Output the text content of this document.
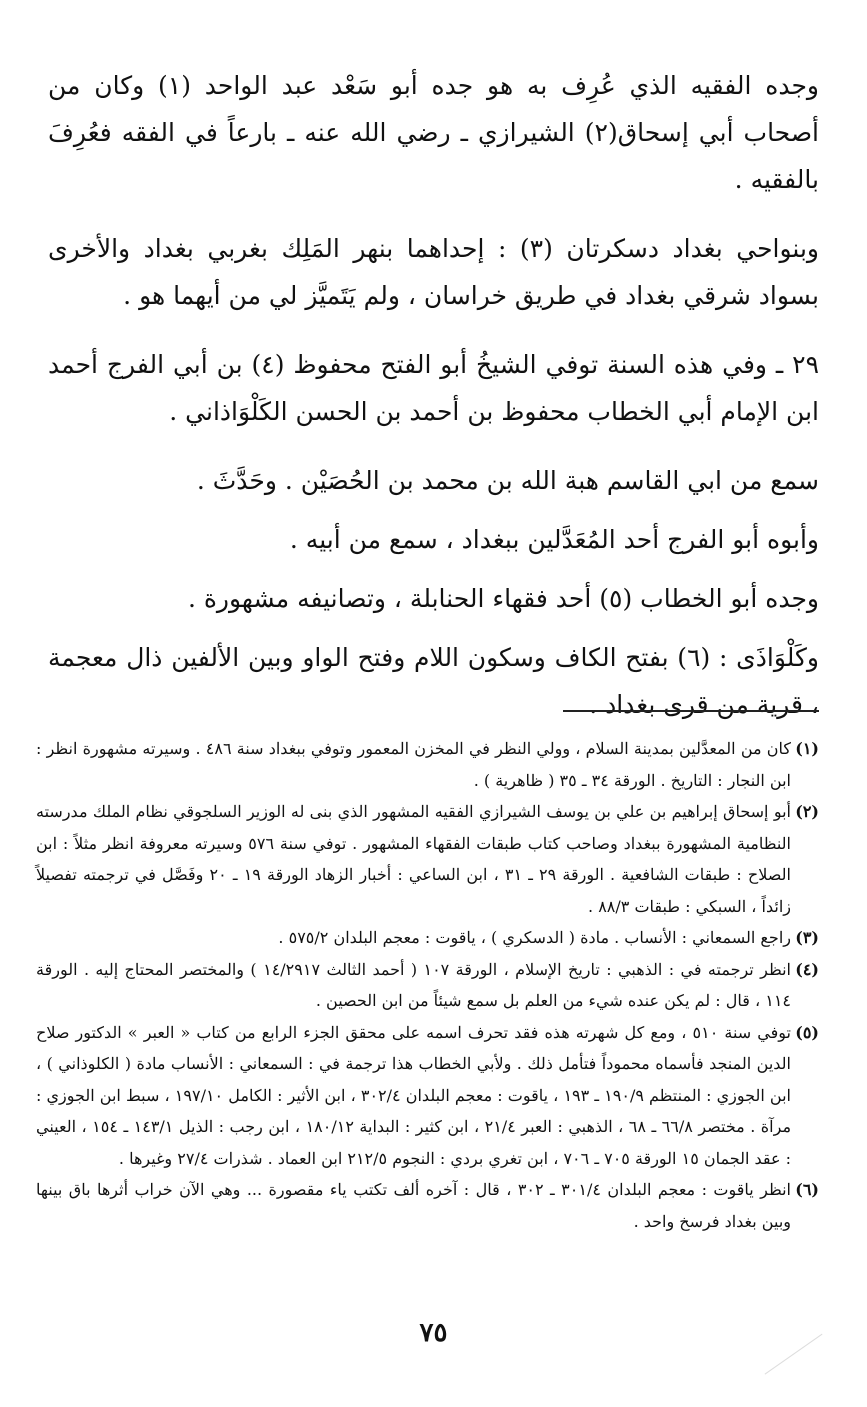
وجده الفقيه الذي عُرِف به هو جده أبو سَعْد عبد الواحد (١) وكان من أصحاب أبي إسحاق(٢) الشيرازي ـ رضي الله عنه ـ بارعاً في الفقه فعُرِفَ بالفقيه .

وبنواحي بغداد دسكرتان (٣) : إحداهما بنهر المَلِك بغربي بغداد والأخرى بسواد شرقي بغداد في طريق خراسان ، ولم يَتَميَّز لي من أيهما هو .

٢٩ ـ وفي هذه السنة توفي الشيخُ أبو الفتح محفوظ (٤) بن أبي الفرج أحمد ابن الإمام أبي الخطاب محفوظ بن أحمد بن الحسن الكَلْوَاذاني .

سمع من ابي القاسم هبة الله بن محمد بن الحُصَيْن . وحَدَّثَ .

وأبوه أبو الفرج أحد المُعَدَّلين ببغداد ، سمع من أبيه .

وجده أبو الخطاب (٥) أحد فقهاء الحنابلة ، وتصانيفه مشهورة .

وكَلْوَاذَى : (٦) بفتح الكاف وسكون اللام وفتح الواو وبين الألفين ذال معجمة ، قرية من قرى بغداد .

(١)
كان من المعدَّلين بمدينة السلام ، وولي النظر في المخزن المعمور وتوفي ببغداد سنة ٤٨٦ . وسيرته مشهورة انظر : ابن النجار : التاريخ . الورقة ٣٤ ـ ٣٥ ( ظاهرية ) .

(٢)
أبو إسحاق إبراهيم بن علي بن يوسف الشيرازي الفقيه المشهور الذي بنى له الوزير السلجوقي نظام الملك مدرسته النظامية المشهورة ببغداد وصاحب كتاب طبقات الفقهاء المشهور . توفي سنة ٥٧٦ وسيرته معروفة انظر مثلاً : ابن الصلاح : طبقات الشافعية . الورقة ٢٩ ـ ٣١ ، ابن الساعي : أخبار الزهاد الورقة ١٩ ـ ٢٠ وفَصَّل في ترجمته تفصيلاً زائداً ، السبكي : طبقات ٨٨/٣ .

(٣)
راجع السمعاني : الأنساب . مادة ( الدسكري ) ، ياقوت : معجم البلدان ٥٧٥/٢ .

(٤)
انظر ترجمته في : الذهبي : تاريخ الإسلام ، الورقة ١٠٧ ( أحمد الثالث ١٤/٢٩١٧ ) والمختصر المحتاج إليه . الورقة ١١٤ ، قال : لم يكن عنده شيء من العلم بل سمع شيئاً من ابن الحصين .

(٥)
توفي سنة ٥١٠ ، ومع كل شهرته هذه فقد تحرف اسمه على محقق الجزء الرابع من كتاب « العبر » الدكتور صلاح الدين المنجد فأسماه محموداً فتأمل ذلك . ولأبي الخطاب هذا ترجمة في : السمعاني : الأنساب مادة ( الكلوذاني ) ، ابن الجوزي : المنتظم ١٩٠/٩ ـ ١٩٣ ، ياقوت : معجم البلدان ٣٠٢/٤ ، ابن الأثير : الكامل ١٩٧/١٠ ، سبط ابن الجوزي : مرآة . مختصر ٦٦/٨ ـ ٦٨ ، الذهبي : العبر ٢١/٤ ، ابن كثير : البداية ١٨٠/١٢ ، ابن رجب : الذيل ١٤٣/١ ـ ١٥٤ ، العيني : عقد الجمان ١٥ الورقة ٧٠٥ ـ ٧٠٦ ، ابن تغري بردي : النجوم ٢١٢/٥ ابن العماد . شذرات ٢٧/٤ وغيرها .

(٦)
انظر ياقوت : معجم البلدان ٣٠١/٤ ـ ٣٠٢ ، قال : آخره ألف تكتب ياء مقصورة ... وهي الآن خراب أثرها باق بينها وبين بغداد فرسخ واحد .

٧٥
